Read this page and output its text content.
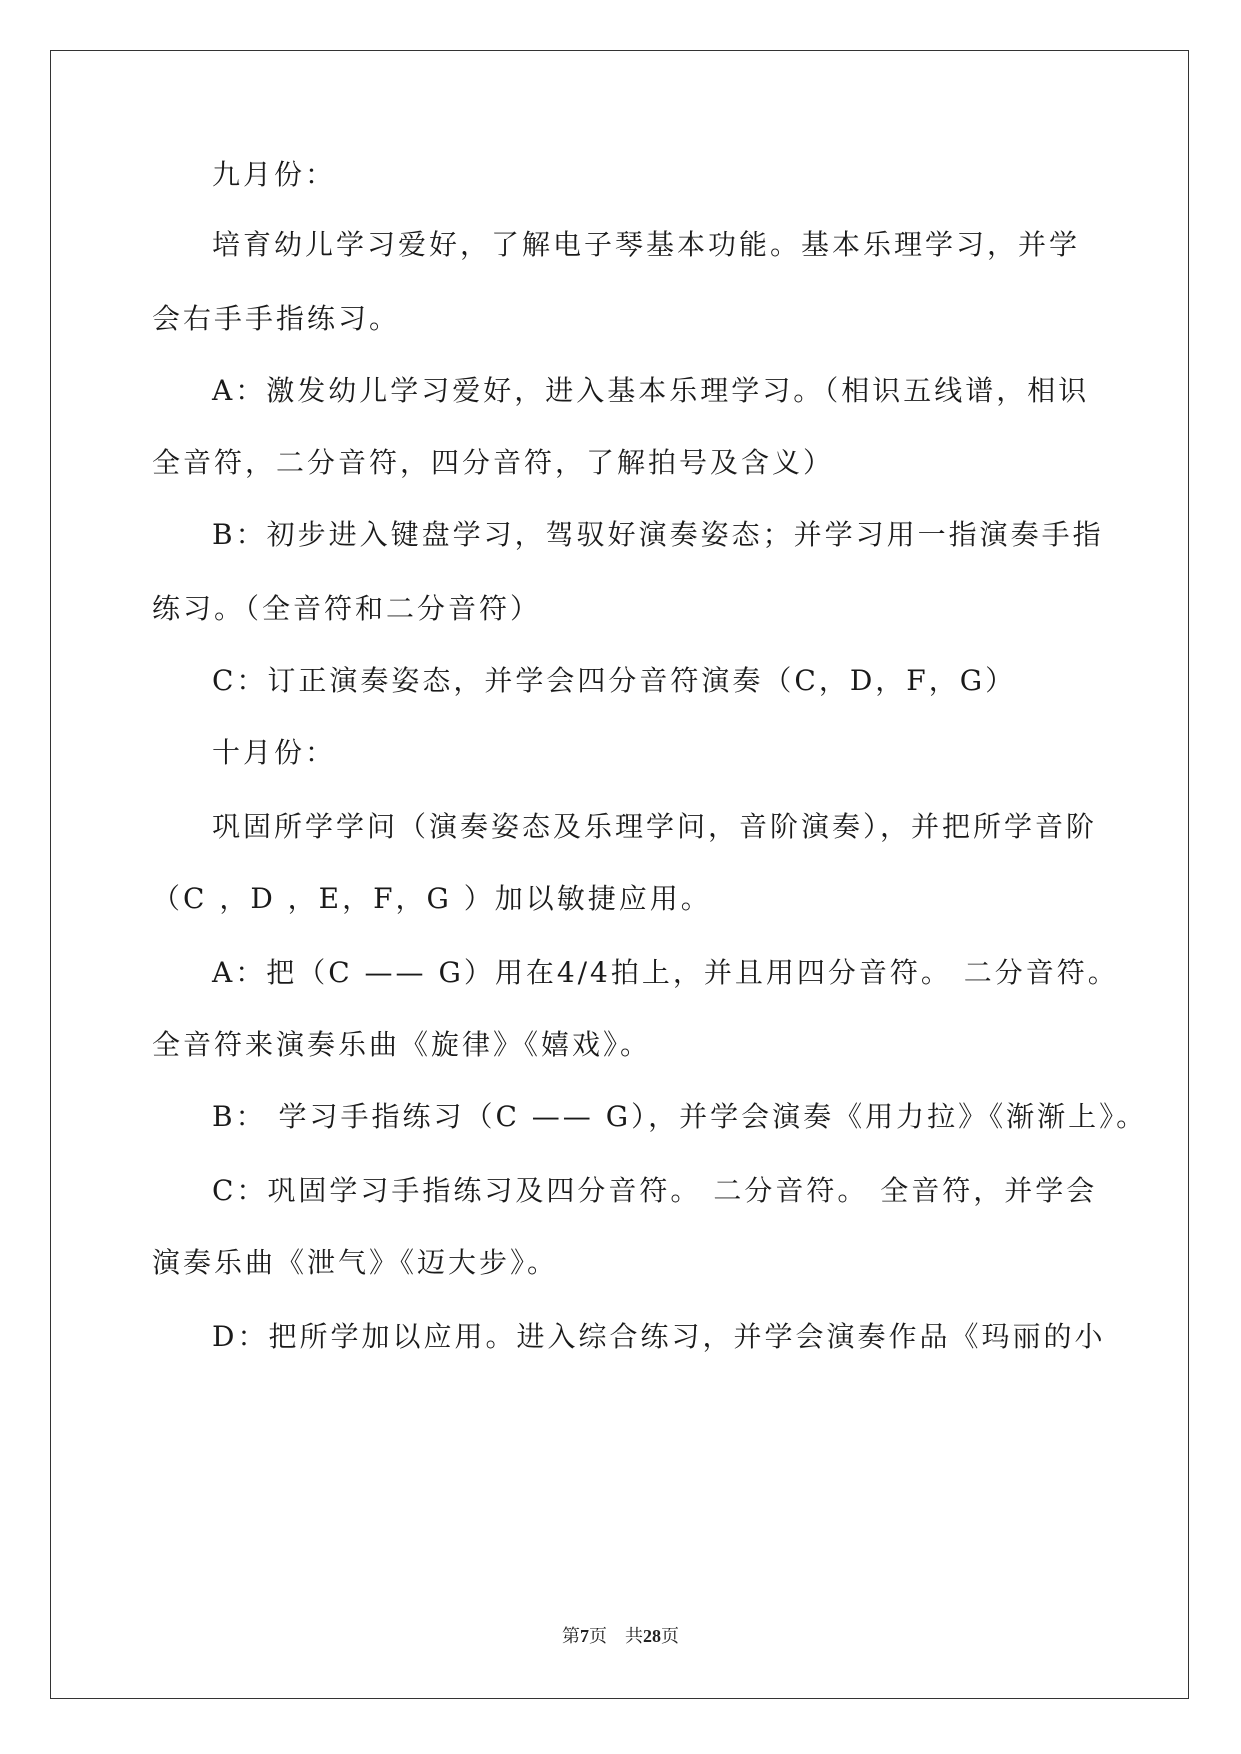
九月份：
培育幼儿学习爱好，了解电子琴基本功能。基本乐理学习，并学
会右手手指练习。
A：激发幼儿学习爱好，进入基本乐理学习。（相识五线谱，相识
全音符，二分音符，四分音符，了解拍号及含义）
B：初步进入键盘学习，驾驭好演奏姿态；并学习用一指演奏手指
练习。（全音符和二分音符）
C：订正演奏姿态，并学会四分音符演奏（C，D，F，G）
十月份：
巩固所学学问（演奏姿态及乐理学问，音阶演奏），并把所学音阶
（C ，D ，E，F，G ）加以敏捷应用。
A：把（C —— G）用在4/4拍上，并且用四分音符。 二分音符。
全音符来演奏乐曲《旋律》《嬉戏》。
B： 学习手指练习（C —— G），并学会演奏《用力拉》《渐渐上》。
C：巩固学习手指练习及四分音符。 二分音符。 全音符，并学会
演奏乐曲《泄气》《迈大步》。
D：把所学加以应用。进入综合练习，并学会演奏作品《玛丽的小
第7页 共28页
